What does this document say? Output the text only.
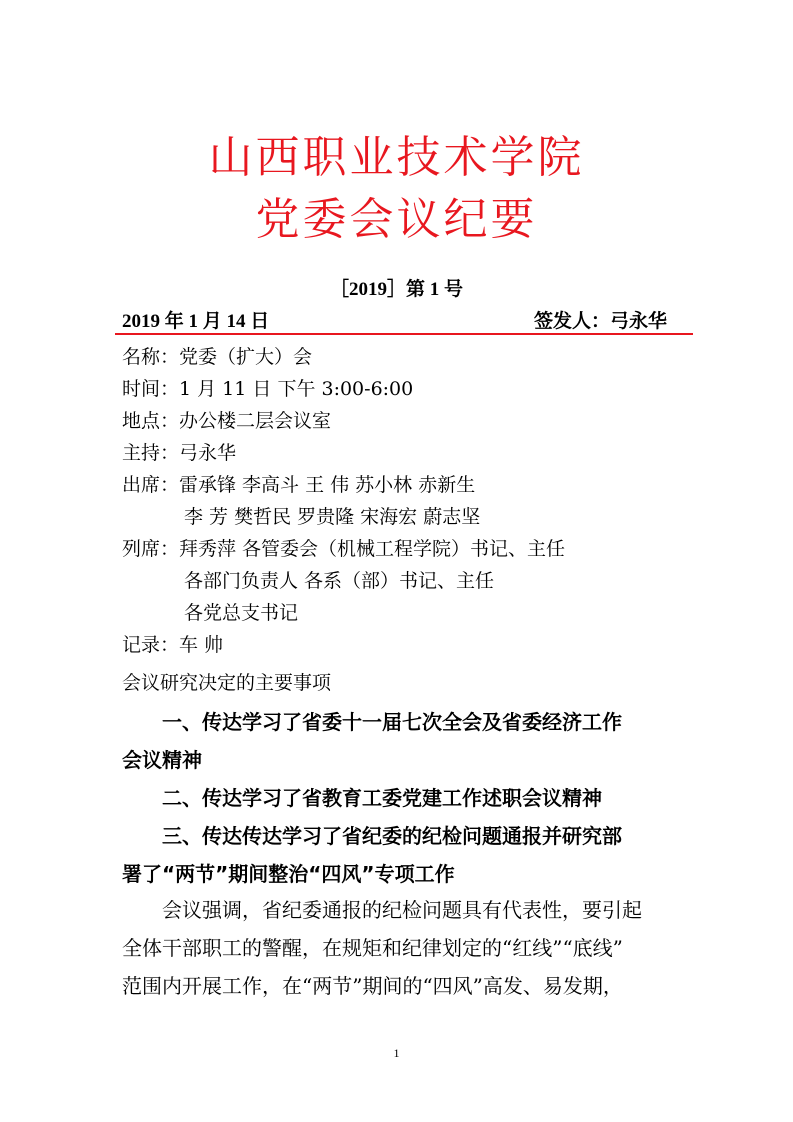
山西职业技术学院
党委会议纪要
［2019］第 1 号
2019 年 1 月 14 日	签发人：弓永华
名称：党委（扩大）会
时间：1 月 11 日 下午 3:00-6:00
地点：办公楼二层会议室
主持：弓永华
出席：雷承锋 李高斗 王 伟 苏小林 赤新生
李 芳 樊哲民 罗贵隆 宋海宏 蔚志坚
列席：拜秀萍 各管委会（机械工程学院）书记、主任
各部门负责人 各系（部）书记、主任
各党总支书记
记录：车 帅
会议研究决定的主要事项
一、传达学习了省委十一届七次全会及省委经济工作
会议精神
二、传达学习了省教育工委党建工作述职会议精神
三、传达传达学习了省纪委的纪检问题通报并研究部
署了“两节”期间整治“四风”专项工作
会议强调，省纪委通报的纪检问题具有代表性，要引起
全体干部职工的警醒，在规矩和纪律划定的“红线”“底线”
范围内开展工作，在“两节”期间的“四风”高发、易发期，
1
